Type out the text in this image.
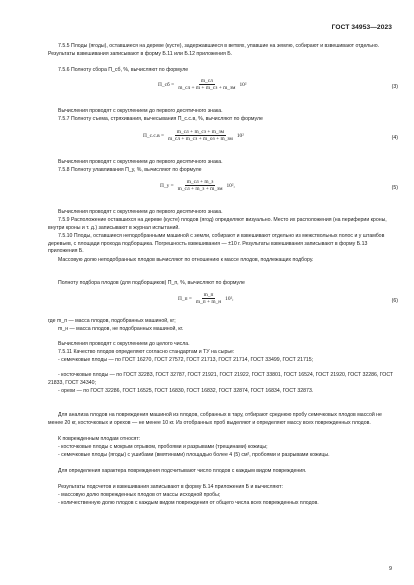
ГОСТ 34953—2023

7.5.5 Плоды (ягоды), оставшиеся на дереве (кусте), задержавшиеся в ветвях, упавшие на землю, собирают и взвешивают отдельно. Результаты взвешивания записывают в форму Б.11 или Б.12 приложения Б.

7.5.6 Полноту сбора П_сб, %, вычисляют по формуле

П_сб = $\frac{m\_сл}{m\_сл + m + m\_сз + m\_зм} 10^2$	(3)

Вычисления проводят с округлением до первого десятичного знака.

7.5.7 Полноту съема, стряхивания, вычесывания П_с.с.в, %, вычисляют по формуле

П_с.с.в = $\frac{m\_сл + m\_сз + m\_зм}{m\_сл + m\_сз + m\_оз + m\_зм} 10^2$	(4)

Вычисления проводят с округлением до первого десятичного знака.

7.5.8 Полноту улавливания П_у, %, вычисляют по формуле

П_у = $\frac{m\_сл + m\_з}{m\_сл + m\_з + m\_зм} 10^2$,	(5)

Вычисления проводят с округлением до первого десятичного знака.

7.5.9 Расположение оставшихся на дереве (кусте) плодов (ягод) определяют визуально. Место их расположения (на периферии кроны, внутри кроны и т. д.) записывают в журнал испытаний.

7.5.10 Плоды, оставшиеся неподобранными машиной с земли, собирают и взвешивают отдельно из межствольных полос и у штамбов деревьев, с площади прохода подборщика. Погрешность взвешивания — ±10 г. Результаты взвешивания записывают в форму Б.13 приложения Б.

Массовую долю неподобранных плодов вычисляют по отношению к массе плодов, подлежащих подбору.

Полноту подбора плодов (для подборщиков) П_п, %, вычисляют по формуле

П_п = $\frac{m\_п}{m\_п + m\_н} 10^2$,	(6)

где m_п — масса плодов, подобранных машиной, кг;

m_н — масса плодов, не подобранных машиной, кг.

Вычисления проводят с округлением до целого числа.

7.5.11 Качество плодов определяют согласно стандартам и ТУ на сырье:

- семечковые плоды — по ГОСТ 16270, ГОСТ 27572, ГОСТ 21713, ГОСТ 21714, ГОСТ 33499, ГОСТ 21715;

- косточковые плоды — по ГОСТ 32283, ГОСТ 32787, ГОСТ 21921, ГОСТ 21922, ГОСТ 33801, ГОСТ 16524, ГОСТ 21920, ГОСТ 32286, ГОСТ 21833, ГОСТ 34340;

- орехи — по ГОСТ 32286, ГОСТ 16525, ГОСТ 16830, ГОСТ 16832, ГОСТ 32874, ГОСТ 16834, ГОСТ 32873.

Для анализа плодов на повреждения машиной из плодов, собранных в тару, отбирают среднюю пробу семечковых плодов массой не менее 20 кг, косточковых и орехов — не менее 10 кг. Из отобранных проб выделяют и определяют массу всех поврежденных плодов.

К поврежденным плодам относят:

- косточковые плоды с мокрым отрывом, пробоями и разрывами (трещинами) кожицы;

- семечковые плоды (ягоды) с ушибами (вмятинами) площадью более 4 (5) см², пробоями и разрывами кожицы.

Для определения характера повреждения подсчитывают число плодов с каждым видом повреждения.

Результаты подсчетов и взвешивания записывают в форму Б.14 приложения Б и вычисляют:

- массовую долю поврежденных плодов от массы исходной пробы;

- количественную долю плодов с каждым видом повреждения от общего числа всех поврежденных плодов.

9
